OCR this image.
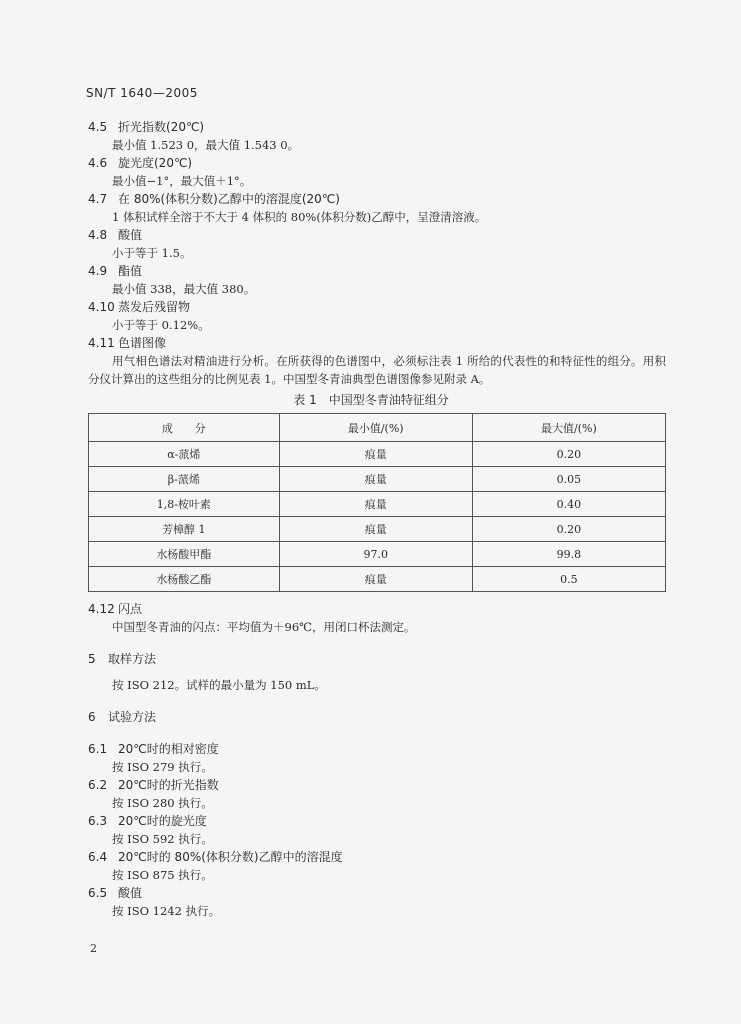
SN/T 1640—2005
4.5 折光指数(20℃)
最小值 1.523 0，最大值 1.543 0。
4.6 旋光度(20℃)
最小值−1°，最大值＋1°。
4.7 在 80%(体积分数)乙醇中的溶混度(20℃)
1 体积试样全溶于不大于 4 体积的 80%(体积分数)乙醇中，呈澄清溶液。
4.8 酸值
小于等于 1.5。
4.9 酯值
最小值 338，最大值 380。
4.10 蒸发后残留物
小于等于 0.12%。
4.11 色谱图像
用气相色谱法对精油进行分析。在所获得的色谱图中，必须标注表 1 所给的代表性的和特征性的组分。用积分仪计算出的这些组分的比例见表 1。中国型冬青油典型色谱图像参见附录 A。
表 1 中国型冬青油特征组分
成　　分	最小值/(%)	最大值/(%)
α-蒎烯	痕量	0.20
β-蒎烯	痕量	0.05
1,8-桉叶素	痕量	0.40
芳樟醇 1	痕量	0.20
水杨酸甲酯	97.0	99.8
水杨酸乙酯	痕量	0.5
4.12 闪点
中国型冬青油的闪点：平均值为＋96℃，用闭口杯法测定。
5 取样方法
按 ISO 212。试样的最小量为 150 mL。
6 试验方法
6.1 20℃时的相对密度
按 ISO 279 执行。
6.2 20℃时的折光指数
按 ISO 280 执行。
6.3 20℃时的旋光度
按 ISO 592 执行。
6.4 20℃时的 80%(体积分数)乙醇中的溶混度
按 ISO 875 执行。
6.5 酸值
按 ISO 1242 执行。
2
